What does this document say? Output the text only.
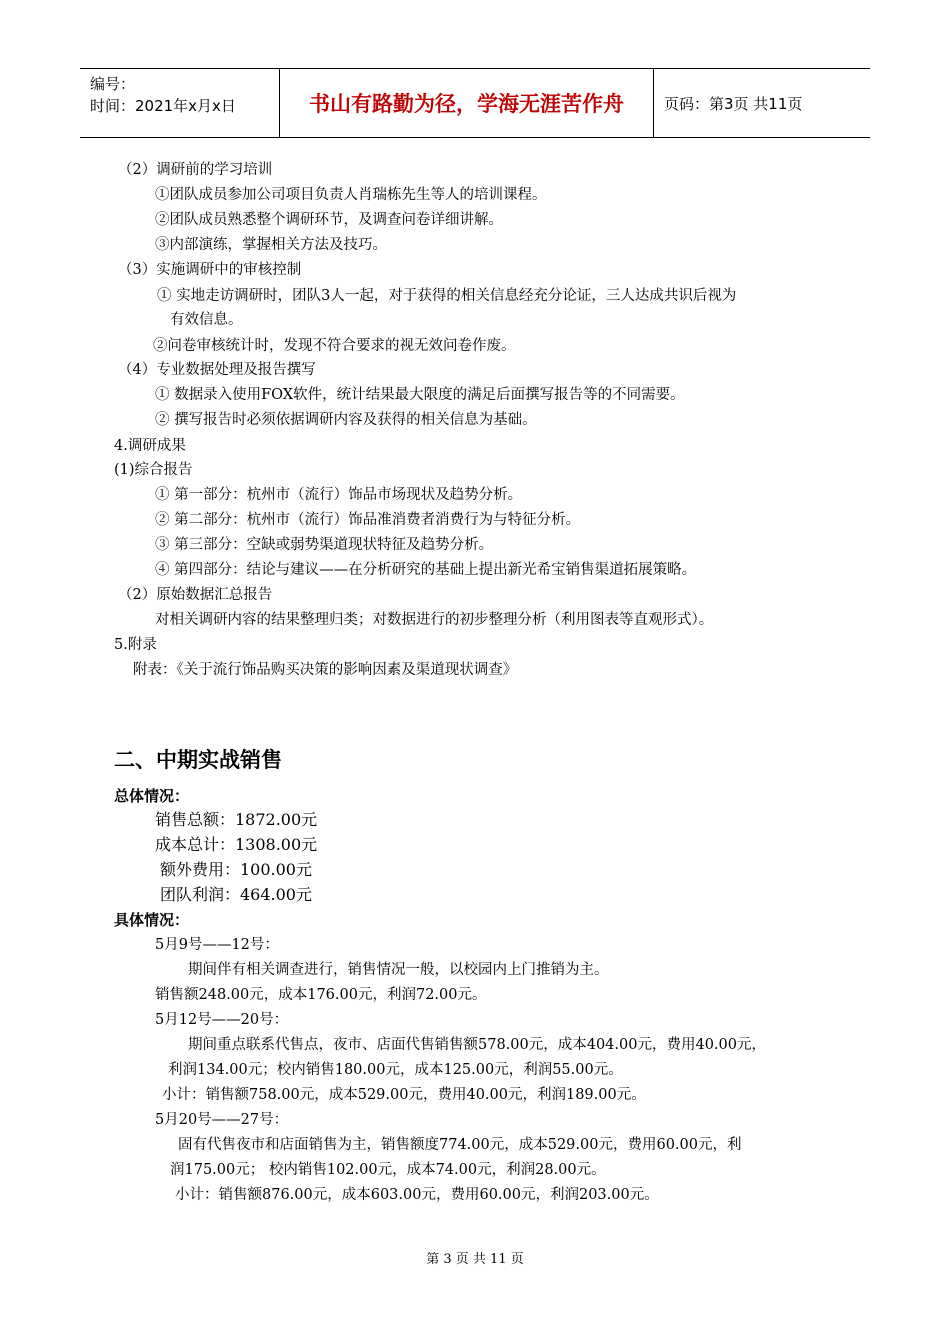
编号：
时间：2021年x月x日	书山有路勤为径，学海无涯苦作舟	页码：第3页 共11页
（2）调研前的学习培训
①团队成员参加公司项目负责人肖瑞栋先生等人的培训课程。
②团队成员熟悉整个调研环节，及调查问卷详细讲解。
③内部演练，掌握相关方法及技巧。
（3）实施调研中的审核控制
① 实地走访调研时，团队3人一起，对于获得的相关信息经充分论证，三人达成共识后视为
有效信息。
②问卷审核统计时，发现不符合要求的视无效问卷作废。
（4）专业数据处理及报告撰写
① 数据录入使用FOX软件，统计结果最大限度的满足后面撰写报告等的不同需要。
② 撰写报告时必须依据调研内容及获得的相关信息为基础。
4.调研成果
(1)综合报告
① 第一部分：杭州市（流行）饰品市场现状及趋势分析。
② 第二部分：杭州市（流行）饰品准消费者消费行为与特征分析。
③ 第三部分：空缺或弱势渠道现状特征及趋势分析。
④ 第四部分：结论与建议——在分析研究的基础上提出新光希宝销售渠道拓展策略。
（2）原始数据汇总报告
对相关调研内容的结果整理归类；对数据进行的初步整理分析（利用图表等直观形式）。
5.附录
附表：《关于流行饰品购买决策的影响因素及渠道现状调查》
二、中期实战销售
总体情况：
销售总额：1872.00元
成本总计：1308.00元
额外费用：100.00元
团队利润：464.00元
具体情况：
5月9号——12号：
期间伴有相关调查进行，销售情况一般，以校园内上门推销为主。
销售额248.00元，成本176.00元，利润72.00元。
5月12号——20号：
期间重点联系代售点，夜市、店面代售销售额578.00元，成本404.00元，费用40.00元，
利润134.00元；校内销售180.00元，成本125.00元，利润55.00元。
小计：销售额758.00元，成本529.00元，费用40.00元，利润189.00元。
5月20号——27号：
固有代售夜市和店面销售为主，销售额度774.00元，成本529.00元，费用60.00元，利
润175.00元； 校内销售102.00元，成本74.00元，利润28.00元。
小计：销售额876.00元，成本603.00元，费用60.00元，利润203.00元。
第 3 页 共 11 页
